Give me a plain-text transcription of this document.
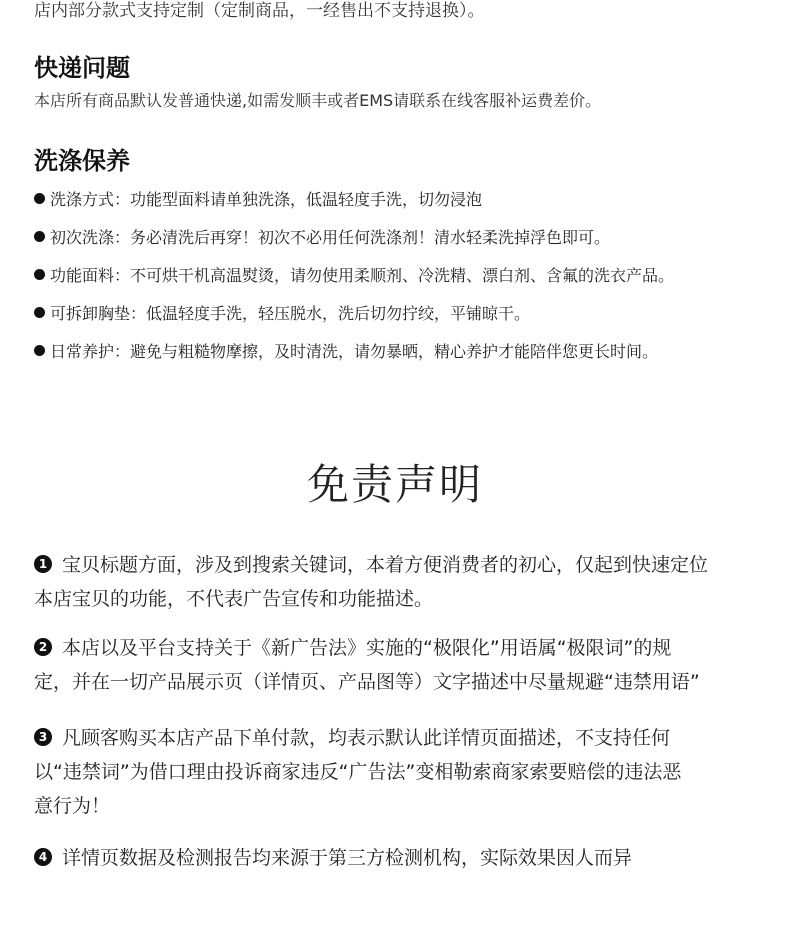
店内部分款式支持定制（定制商品，一经售出不支持退换）。
快递问题
本店所有商品默认发普通快递,如需发顺丰或者EMS请联系在线客服补运费差价。
洗涤保养
洗涤方式：功能型面料请单独洗涤，低温轻度手洗，切勿浸泡
初次洗涤：务必清洗后再穿！初次不必用任何洗涤剂！清水轻柔洗掉浮色即可。
功能面料：不可烘干机高温熨烫，请勿使用柔顺剂、冷洗精、漂白剂、含氟的洗衣产品。
可拆卸胸垫：低温轻度手洗，轻压脱水，洗后切勿拧绞，平铺晾干。
日常养护：避免与粗糙物摩擦，及时清洗，请勿暴晒，精心养护才能陪伴您更长时间。
免责声明
1 宝贝标题方面，涉及到搜索关键词，本着方便消费者的初心，仅起到快速定位
本店宝贝的功能，不代表广告宣传和功能描述。
2 本店以及平台支持关于《新广告法》实施的“极限化”用语属“极限词”的规
定，并在一切产品展示页（详情页、产品图等）文字描述中尽量规避“违禁用语”
3 凡顾客购买本店产品下单付款，均表示默认此详情页面描述，不支持任何
以“违禁词”为借口理由投诉商家违反“广告法”变相勒索商家索要赔偿的违法恶
意行为！
4 详情页数据及检测报告均来源于第三方检测机构，实际效果因人而异
